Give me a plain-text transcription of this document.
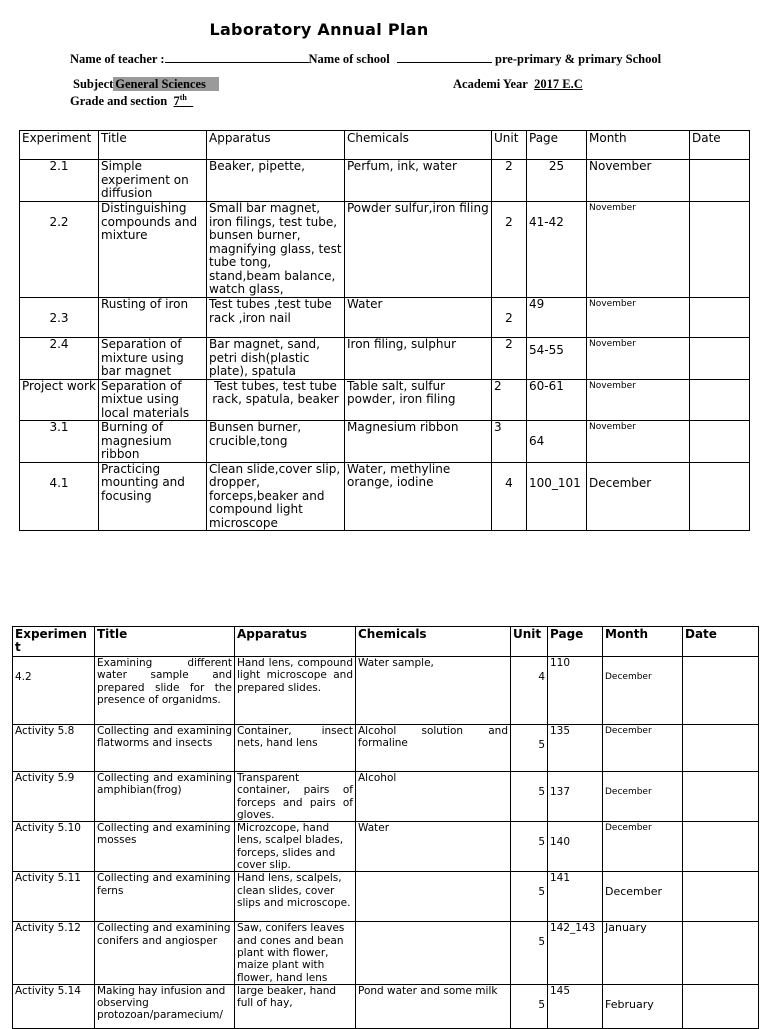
Laboratory Annual Plan
Name of teacher :	Name of school	pre-primary & primary School
Subject General Sciences	Academi Year 2017 E.C
Grade and section 7th_
Experiment	Title	Apparatus	Chemicals	Unit	Page	Month	Date
2.1	Simple experiment on diffusion	Beaker, pipette,	Perfum, ink, water	2	25	November	
2.2	Distinguishing compounds and mixture	Small bar magnet, iron filings, test tube, bunsen burner, magnifying glass, test tube tong, stand,beam balance, watch glass,	Powder sulfur,iron filing	2	41-42	November	
2.3	Rusting of iron	Test tubes ,test tube rack ,iron nail	Water	2	49	November	
2.4	Separation of mixture using bar magnet	Bar magnet, sand, petri dish(plastic plate), spatula	Iron filing, sulphur	2	54-55	November	
Project work	Separation of mixtue using local materials	Test tubes, test tube rack, spatula, beaker	Table salt, sulfur powder, iron filing	2	60-61	November	
3.1	Burning of magnesium ribbon	Bunsen burner, crucible,tong	Magnesium ribbon	3	64	November	
4.1	Practicing mounting and focusing	Clean slide,cover slip, dropper, forceps,beaker and compound light microscope	Water, methyline orange, iodine	4	100_101	December	
Experiment	Title	Apparatus	Chemicals	Unit	Page	Month	Date
4.2	Examining different water sample and prepared slide for the presence of organidms.	Hand lens, compound light microscope and prepared slides.	Water sample,	4	110	December	
Activity 5.8	Collecting and examining flatworms and insects	Container, insect nets, hand lens	Alcohol solution and formaline	5	135	December	
Activity 5.9	Collecting and examining amphibian(frog)	Transparent container, pairs of forceps and pairs of gloves.	Alcohol	5	137	December	
Activity 5.10	Collecting and examining mosses	Microzcope, hand lens, scalpel blades, forceps, slides and cover slip.	Water	5	140	December	
Activity 5.11	Collecting and examining ferns	Hand lens, scalpels, clean slides, cover slips and microscope.		5	141	December	
Activity 5.12	Collecting and examining conifers and angiosper	Saw, conifers leaves and cones and bean plant with flower, maize plant with flower, hand lens		5	142_143	January	
Activity 5.14	Making hay infusion and observing protozoan/paramecium/	large beaker, hand full of hay,	Pond water and some milk	5	145	February	
